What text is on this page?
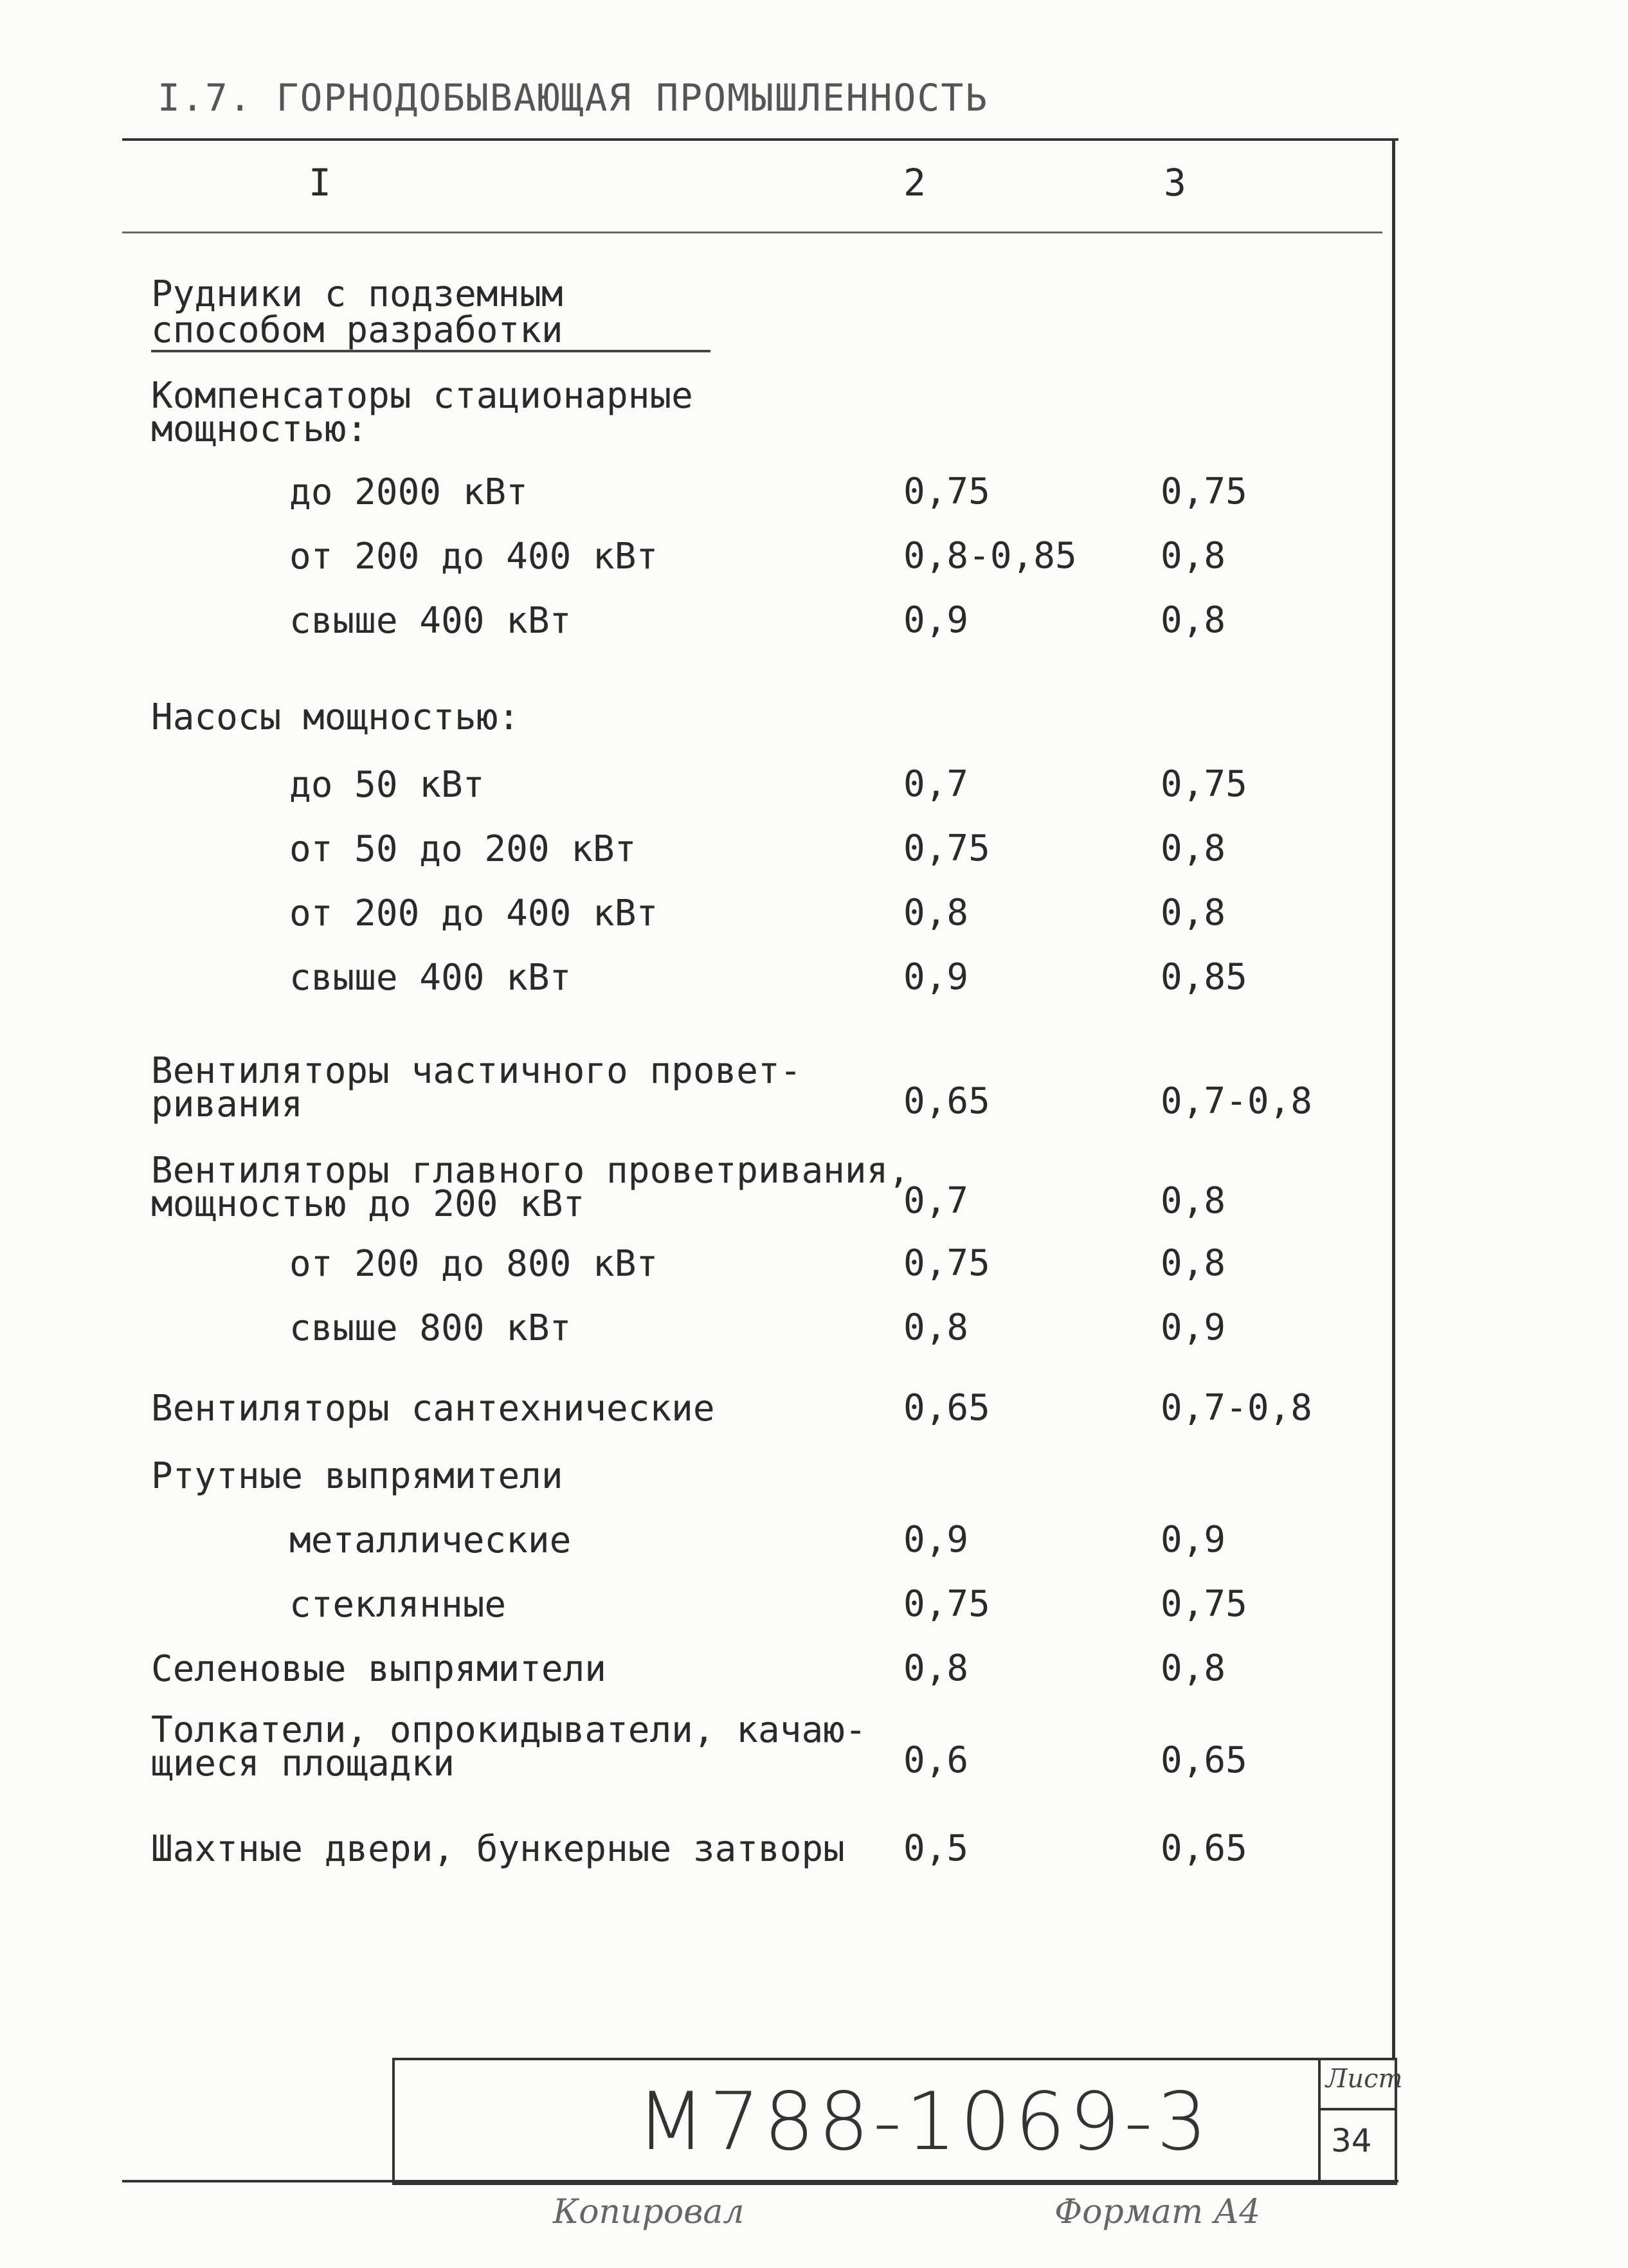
I.7. ГОРНОДОБЫВАЮЩАЯ ПРОМЫШЛЕННОСТЬ
I	2	3
Рудники с подземным способом разработки
Компенсаторы стационарные
мощностью:
до 2000 кВт	0,75	0,75
от 200 до 400 кВт	0,8-0,85 0,8
свыше 400 кВт	0,9	0,8
Насосы мощностью:
до 50 кВт	0,7	0,75
от 50 до 200 кВт	0,75	0,8
от 200 до 400 кВт	0,8	0,8
свыше 400 кВт	0,9	0,85
Вентиляторы частичного провет-
ривания	0,65	0,7-0,8
Вентиляторы главного проветривания,
мощностью до 200 кВт	0,7	0,8
от 200 до 800 кВт	0,75	0,8
свыше 800 кВт	0,8	0,9
Вентиляторы сантехнические	0,65	0,7-0,8
Ртутные выпрямители
металлические	0,9	0,9
стеклянные	0,75	0,75
Селеновые выпрямители	0,8	0,8
Толкатели, опрокидыватели, качаю-
щиеся площадки	0,6	0,65
Шахтные двери, бункерные затворы 0,5	0,65
М788-1069-3	Лист
34
Копировал	Формат А4
